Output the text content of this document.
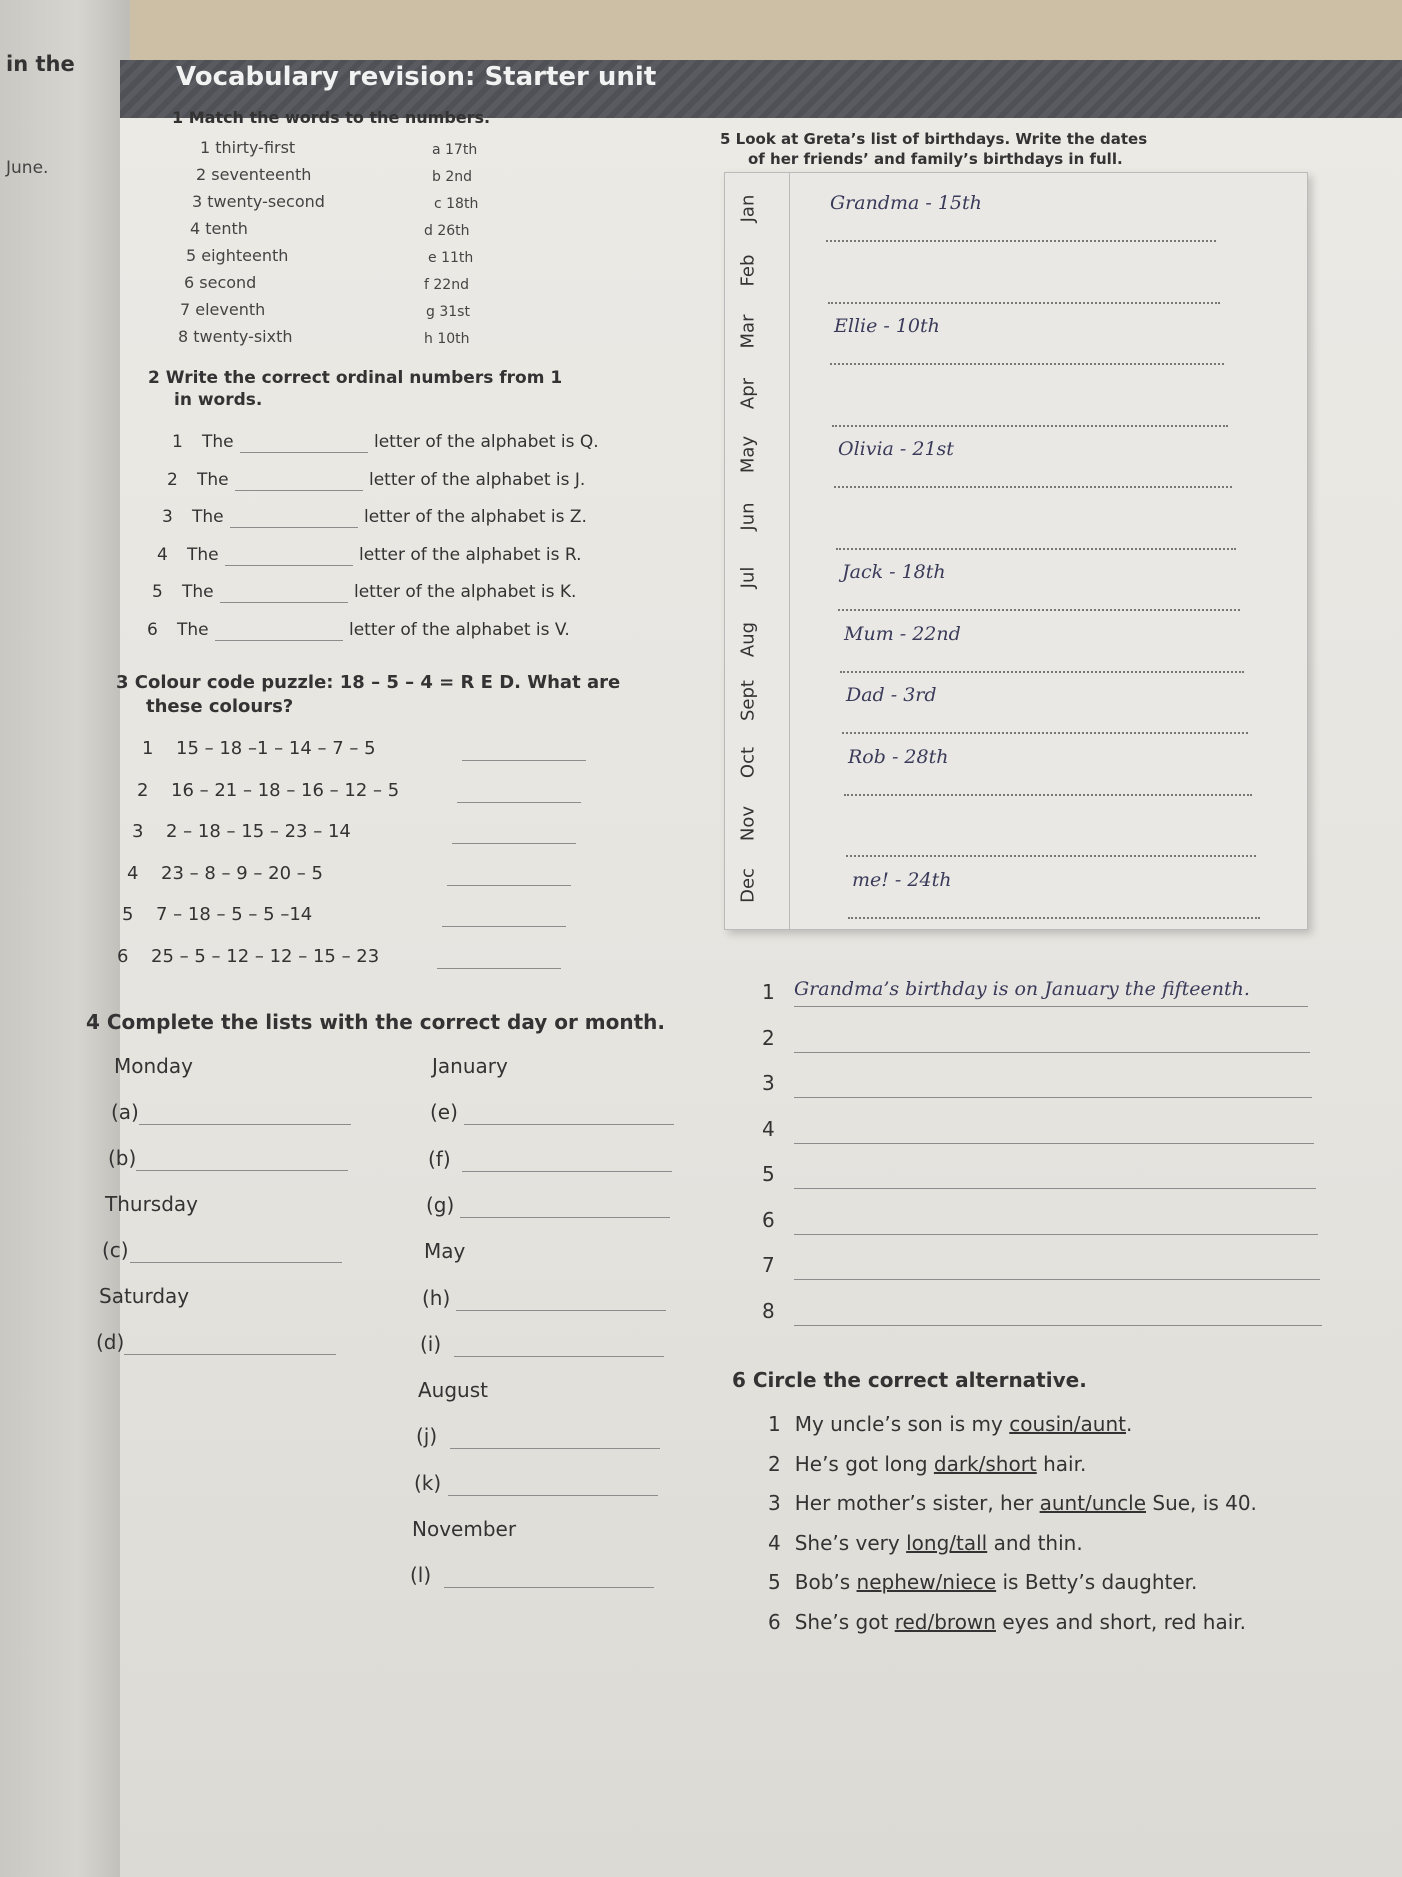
in the
June.
Vocabulary revision: Starter unit
1 Match the words to the numbers.
1 thirty-first	a 17th
2 seventeenth	b 2nd
3 twenty-second	c 18th
4 tenth	d 26th
5 eighteenth	e 11th
6 second	f 22nd
7 eleventh	g 31st
8 twenty-sixth	h 10th
2 Write the correct ordinal numbers from 1
in words.
1 The	letter of the alphabet is Q.
2 The	letter of the alphabet is J.
3 The	letter of the alphabet is Z.
4 The	letter of the alphabet is R.
5 The	letter of the alphabet is K.
6 The	letter of the alphabet is V.
3 Colour code puzzle: 18 – 5 – 4 = R E D. What are
these colours?
1 15 – 18 –1 – 14 – 7 – 5
2 16 – 21 – 18 – 16 – 12 – 5
3 2 – 18 – 15 – 23 – 14
4 23 – 8 – 9 – 20 – 5
5 7 – 18 – 5 – 5 –14
6 25 – 5 – 12 – 12 – 15 – 23
4 Complete the lists with the correct day or month.
Monday
(a)
(b)
Thursday
(c)
Saturday
(d)
January
(e)
(f)
(g)
May
(h)
(i)
August
(j)
(k)
November
(l)
5 Look at Greta’s list of birthdays. Write the dates
of her friends’ and family’s birthdays in full.
Jan	Grandma - 15th
Feb
Mar	Ellie - 10th
Apr
May	Olivia - 21st
Jun
Jul	Jack - 18th
Aug	Mum - 22nd
Sept	Dad - 3rd
Oct	Rob - 28th
Nov
Dec	me! - 24th
1 Grandma’s birthday is on January the fifteenth.
2
3
4
5
6
7
8
6 Circle the correct alternative.
1 My uncle’s son is my cousin/aunt.
2 He’s got long dark/short hair.
3 Her mother’s sister, her aunt/uncle Sue, is 40.
4 She’s very long/tall and thin.
5 Bob’s nephew/niece is Betty’s daughter.
6 She’s got red/brown eyes and short, red hair.
